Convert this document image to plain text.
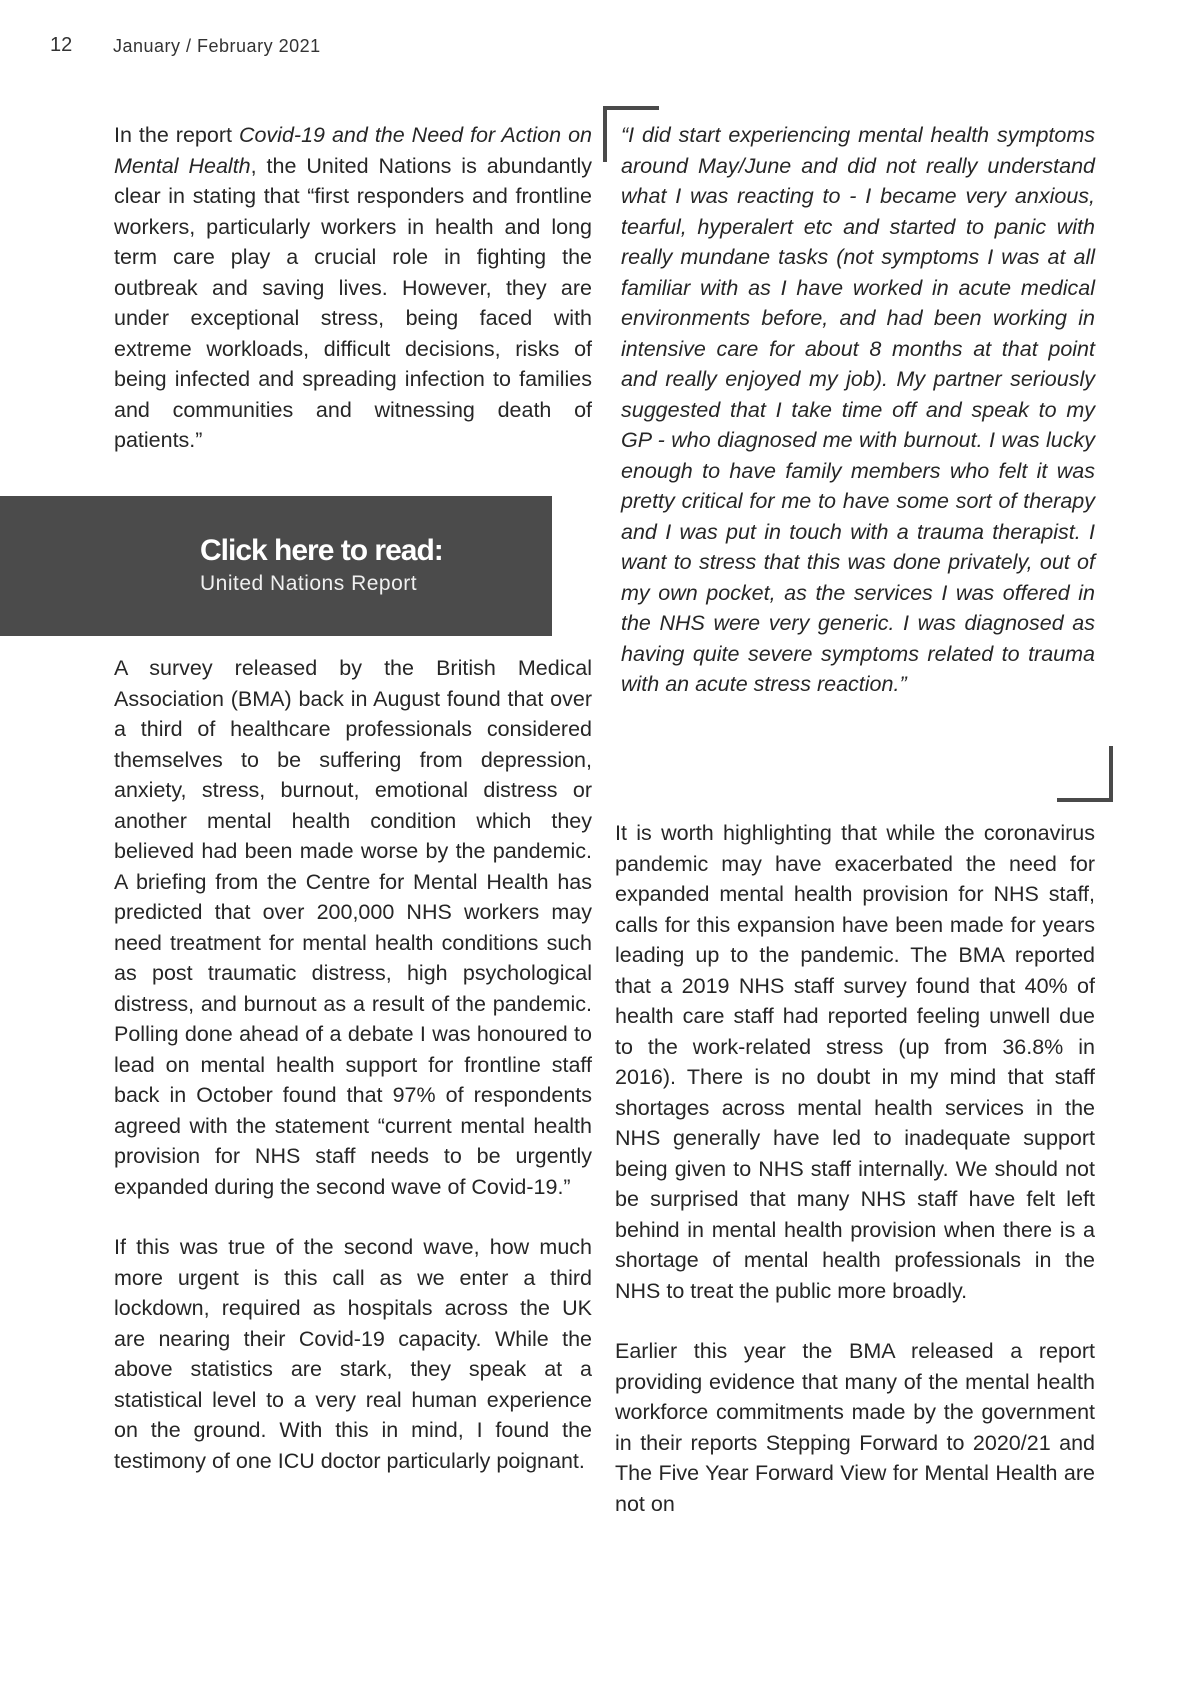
12 January / February 2021

In the report Covid-19 and the Need for Action on Mental Health, the United Nations is abundantly clear in stating that “first responders and frontline workers, particularly workers in health and long term care play a crucial role in fighting the outbreak and saving lives. However, they are under exceptional stress, being faced with extreme workloads, difficult decisions, risks of being infected and spreading infection to families and communities and witnessing death of patients.”

Click here to read:
United Nations Report

A survey released by the British Medical Association (BMA) back in August found that over a third of healthcare professionals considered themselves to be suffering from depression, anxiety, stress, burnout, emotional distress or another mental health condition which they believed had been made worse by the pandemic. A briefing from the Centre for Mental Health has predicted that over 200,000 NHS workers may need treatment for mental health conditions such as post traumatic distress, high psychological distress, and burnout as a result of the pandemic. Polling done ahead of a debate I was honoured to lead on mental health support for frontline staff back in October found that 97% of respondents agreed with the statement “current mental health provision for NHS staff needs to be urgently expanded during the second wave of Covid-19.”

If this was true of the second wave, how much more urgent is this call as we enter a third lockdown, required as hospitals across the UK are nearing their Covid-19 capacity. While the above statistics are stark, they speak at a statistical level to a very real human experience on the ground. With this in mind, I found the testimony of one ICU doctor particularly poignant.

“I did start experiencing mental health symptoms around May/June and did not really understand what I was reacting to - I became very anxious, tearful, hyperalert etc and started to panic with really mundane tasks (not symptoms I was at all familiar with as I have worked in acute medical environments before, and had been working in intensive care for about 8 months at that point and really enjoyed my job). My partner seriously suggested that I take time off and speak to my GP - who diagnosed me with burnout. I was lucky enough to have family members who felt it was pretty critical for me to have some sort of therapy and I was put in touch with a trauma therapist. I want to stress that this was done privately, out of my own pocket, as the services I was offered in the NHS were very generic. I was diagnosed as having quite severe symptoms related to trauma with an acute stress reaction.”

It is worth highlighting that while the coronavirus pandemic may have exacerbated the need for expanded mental health provision for NHS staff, calls for this expansion have been made for years leading up to the pandemic. The BMA reported that a 2019 NHS staff survey found that 40% of health care staff had reported feeling unwell due to the work-related stress (up from 36.8% in 2016). There is no doubt in my mind that staff shortages across mental health services in the NHS generally have led to inadequate support being given to NHS staff internally. We should not be surprised that many NHS staff have felt left behind in mental health provision when there is a shortage of mental health professionals in the NHS to treat the public more broadly.

Earlier this year the BMA released a report providing evidence that many of the mental health workforce commitments made by the government in their reports Stepping Forward to 2020/21 and The Five Year Forward View for Mental Health are not on
